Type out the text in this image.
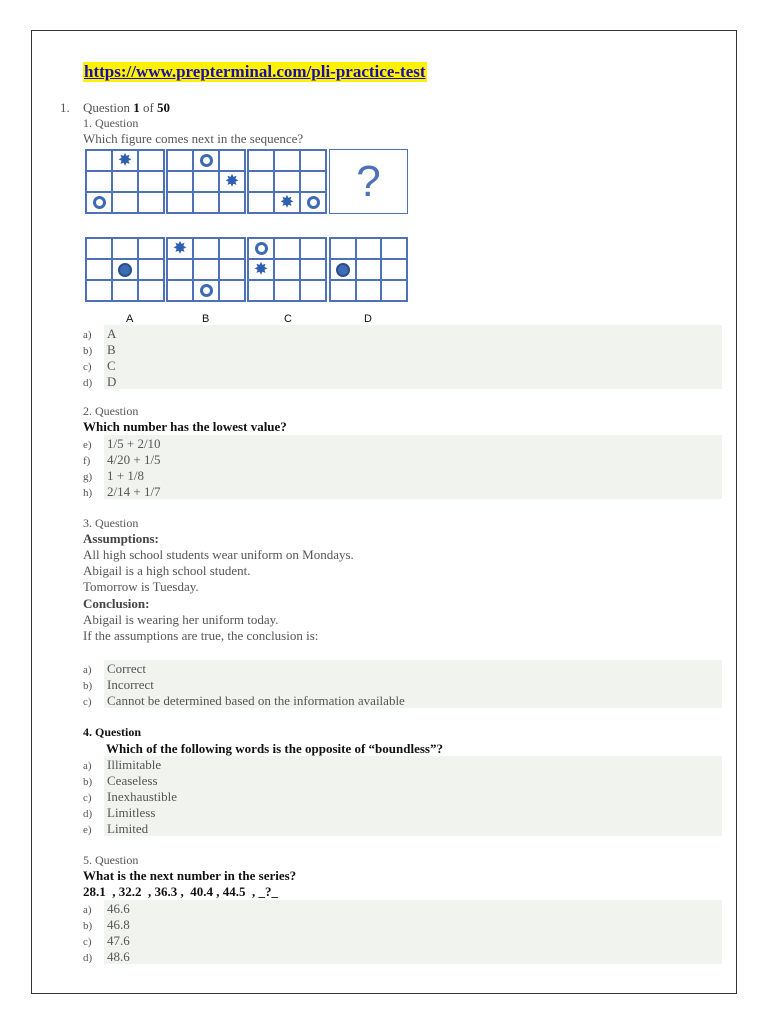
https://www.prepterminal.com/pli-practice-test
1. Question 1 of 50
1. Question
Which figure comes next in the sequence?
✸
✸
✸	?
✸
✸
A	B	C	D
a) A
b) B
c) C
d) D
2. Question
Which number has the lowest value?
e) 1/5 + 2/10
f) 4/20 + 1/5
g) 1 + 1/8
h) 2/14 + 1/7
3. Question
Assumptions:
All high school students wear uniform on Mondays.
Abigail is a high school student.
Tomorrow is Tuesday.
Conclusion:
Abigail is wearing her uniform today.
If the assumptions are true, the conclusion is:
a) Correct
b) Incorrect
c) Cannot be determined based on the information available
4. Question
Which of the following words is the opposite of “boundless”?
a) Illimitable
b) Ceaseless
c) Inexhaustible
d) Limitless
e) Limited
5. Question
What is the next number in the series?
28.1  , 32.2  , 36.3 ,  40.4 , 44.5  , _?_
a) 46.6
b) 46.8
c) 47.6
d) 48.6
